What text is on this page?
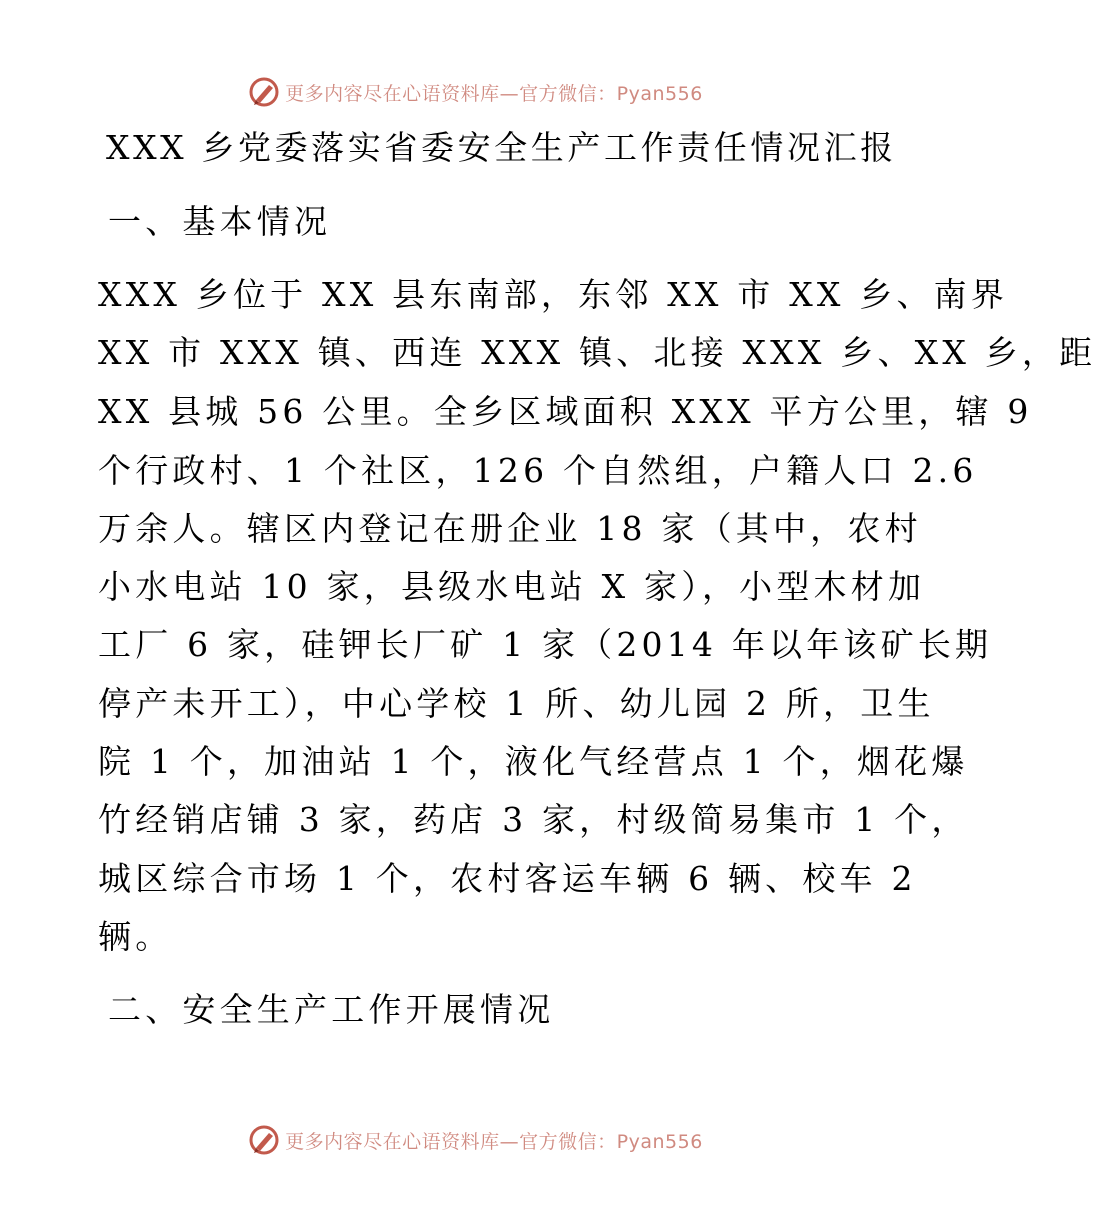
更多内容尽在心语资料库—官方微信：Pyan556
XXX 乡党委落实省委安全生产工作责任情况汇报
一、基本情况
XXX 乡位于 XX 县东南部，东邻 XX 市 XX 乡、南界
XX 市 XXX 镇、西连 XXX 镇、北接 XXX 乡、XX 乡，距
XX 县城 56 公里。全乡区域面积 XXX 平方公里，辖 9
个行政村、1 个社区，126 个自然组，户籍人口 2.6
万余人。辖区内登记在册企业 18 家（其中，农村
小水电站 10 家，县级水电站 X 家），小型木材加
工厂 6 家，硅钾长厂矿 1 家（2014 年以年该矿长期
停产未开工），中心学校 1 所、幼儿园 2 所，卫生
院 1 个，加油站 1 个，液化气经营点 1 个，烟花爆
竹经销店铺 3 家，药店 3 家，村级简易集市 1 个，
城区综合市场 1 个，农村客运车辆 6 辆、校车 2
辆。
二、安全生产工作开展情况
更多内容尽在心语资料库—官方微信：Pyan556
